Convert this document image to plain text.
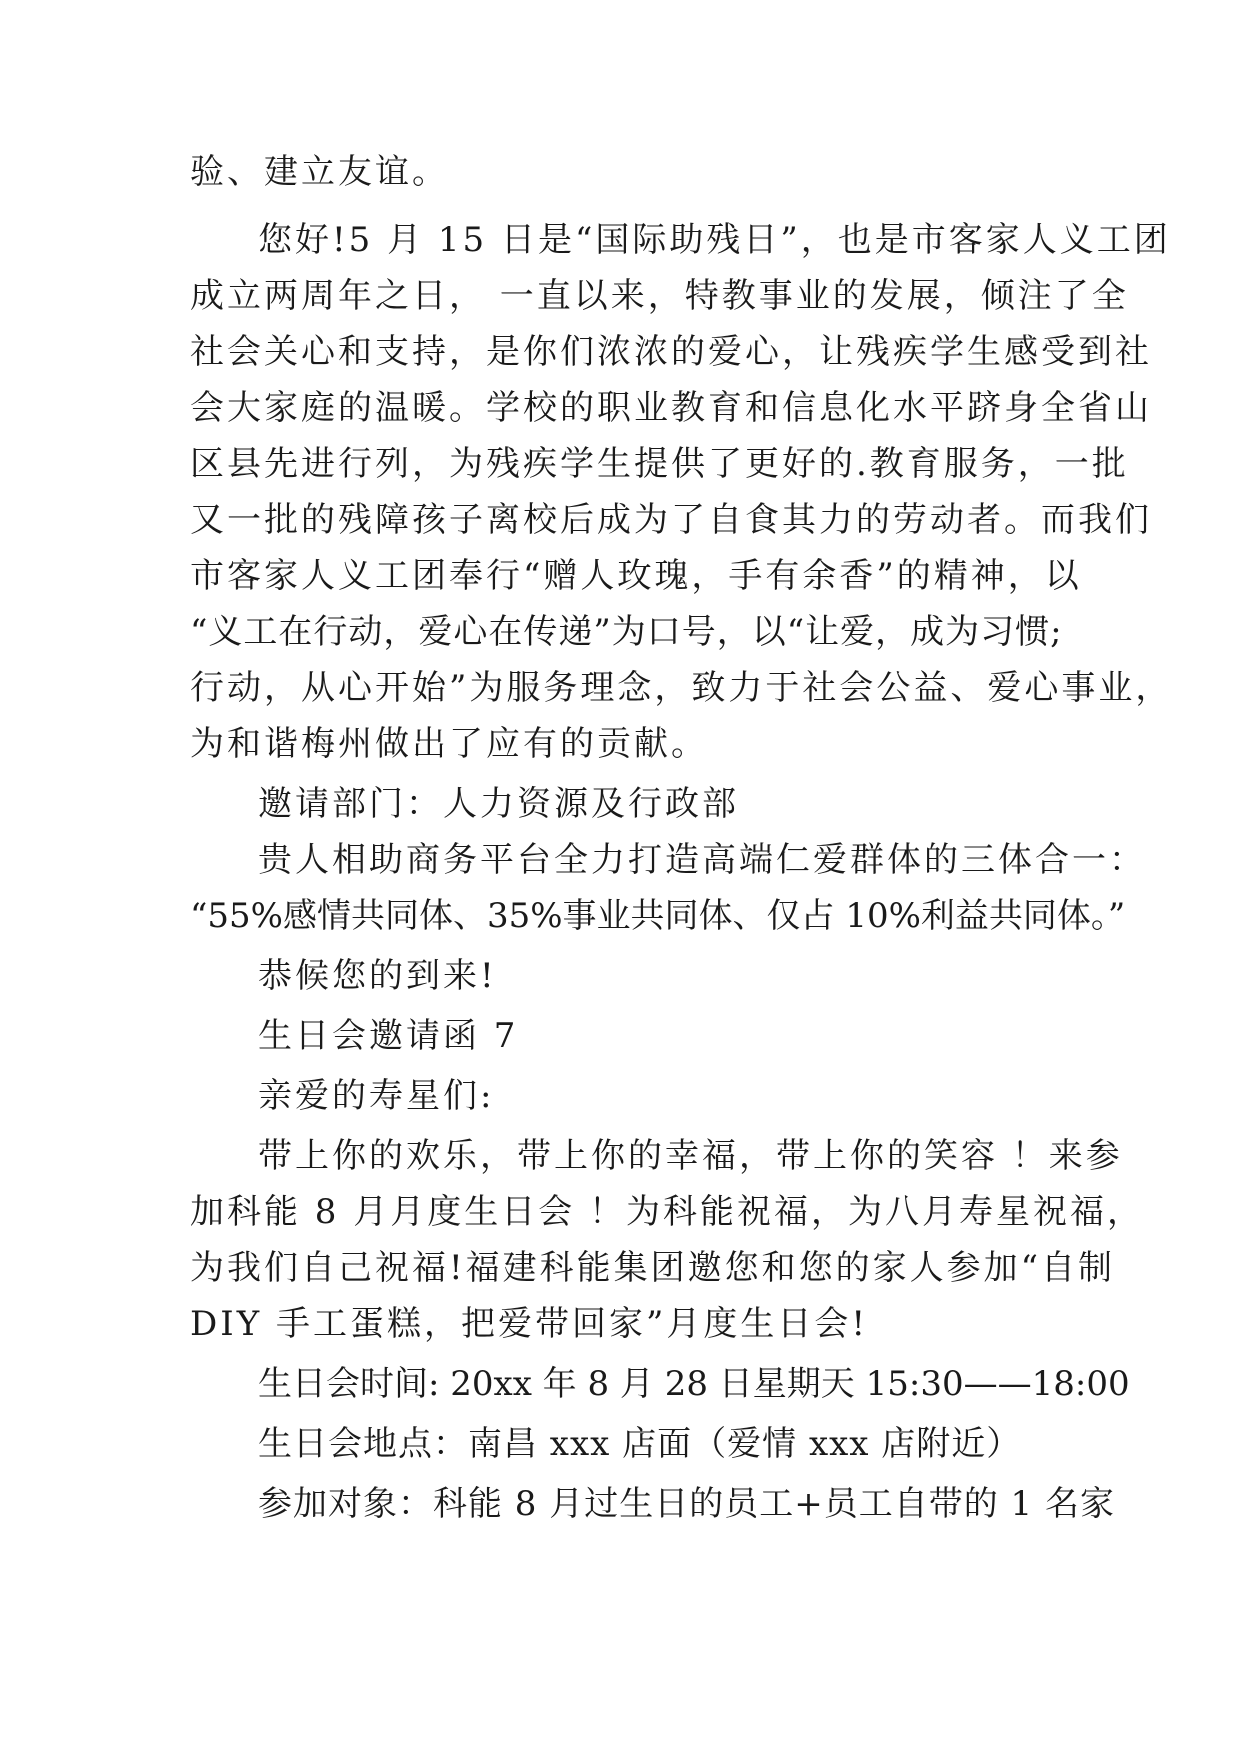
验、建立友谊。
您好!5 月 15 日是“国际助残日”，也是市客家人义工团
成立两周年之日， 一直以来，特教事业的发展，倾注了全
社会关心和支持，是你们浓浓的爱心，让残疾学生感受到社
会大家庭的温暖。学校的职业教育和信息化水平跻身全省山
区县先进行列，为残疾学生提供了更好的.教育服务，一批
又一批的残障孩子离校后成为了自食其力的劳动者。而我们
市客家人义工团奉行“赠人玫瑰，手有余香”的精神，以
“义工在行动，爱心在传递”为口号，以“让爱，成为习惯;
行动，从心开始”为服务理念，致力于社会公益、爱心事业，
为和谐梅州做出了应有的贡献。
邀请部门：人力资源及行政部
贵人相助商务平台全力打造高端仁爱群体的三体合一：
“55%感情共同体、35%事业共同体、仅占 10%利益共同体。”
恭候您的到来!
生日会邀请函 7
亲爱的寿星们:
带上你的欢乐，带上你的幸福，带上你的笑容 ！来参
加科能 8 月月度生日会 ！为科能祝福，为八月寿星祝福，
为我们自己祝福!福建科能集团邀您和您的家人参加“自制
DIY 手工蛋糕，把爱带回家”月度生日会!
生日会时间: 20xx 年 8 月 28 日星期天 15:30——18:00
生日会地点：南昌 xxx 店面（爱情 xxx 店附近）
参加对象：科能 8 月过生日的员工+员工自带的 1 名家
